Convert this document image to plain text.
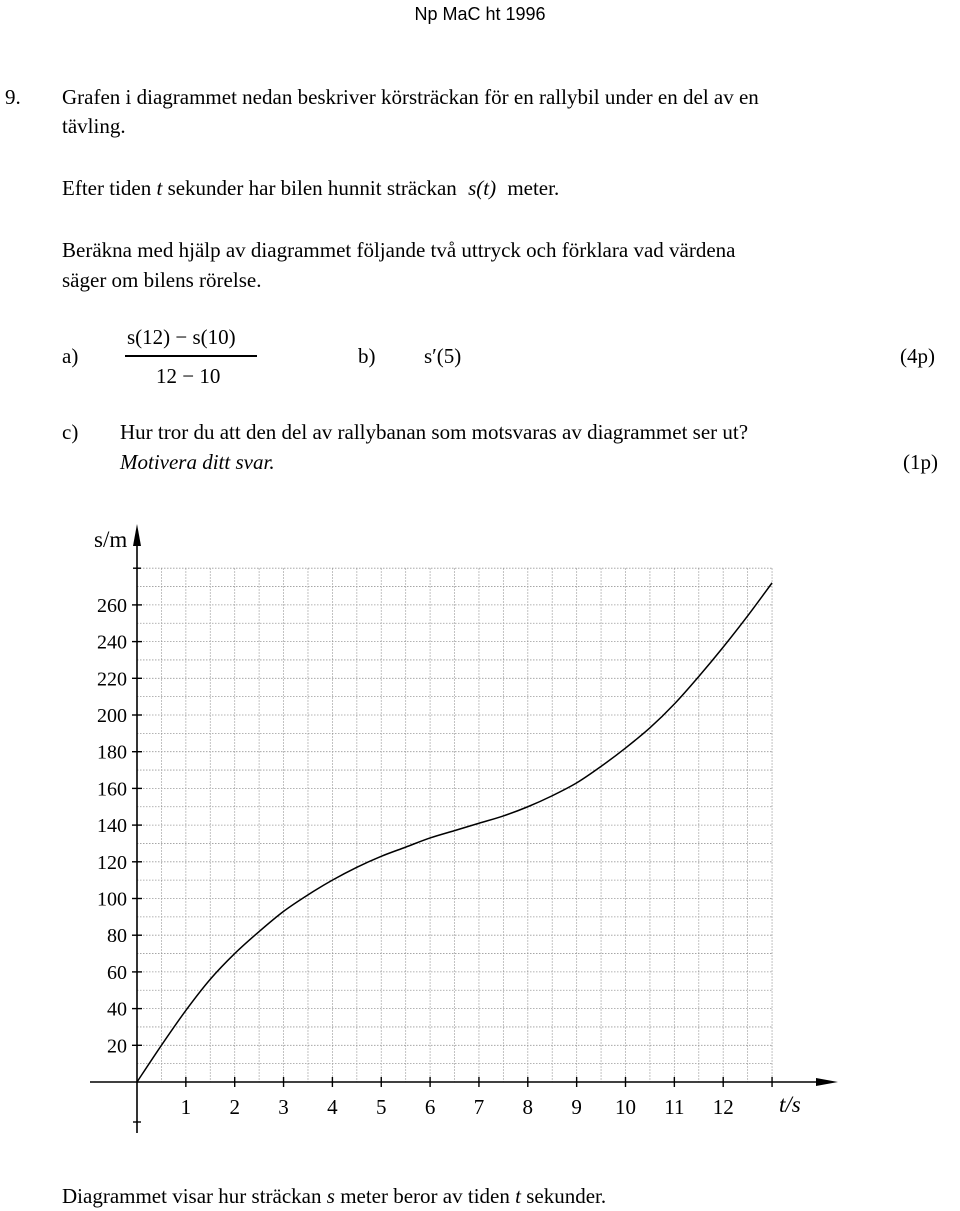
Np MaC ht 1996
9. Grafen i diagrammet nedan beskriver körsträckan för en rallybil under en del av en
tävling.
Efter tiden t sekunder har bilen hunnit sträckan s(t) meter.
Beräkna med hjälp av diagrammet följande två uttryck och förklara vad värdena
säger om bilens rörelse.
a)
s(12) − s(10)
12 − 10
b) s′(5)	(4p)
c) Hur tror du att den del av rallybanan som motsvaras av diagrammet ser ut?
Motivera ditt svar.	(1p)
1 2 3 4 5 6 7 8 9 10 11 12
20
40
60
80
100
120
140
160
180
200
220
240
260
s/m
t/s
Diagrammet visar hur sträckan s meter beror av tiden t sekunder.
